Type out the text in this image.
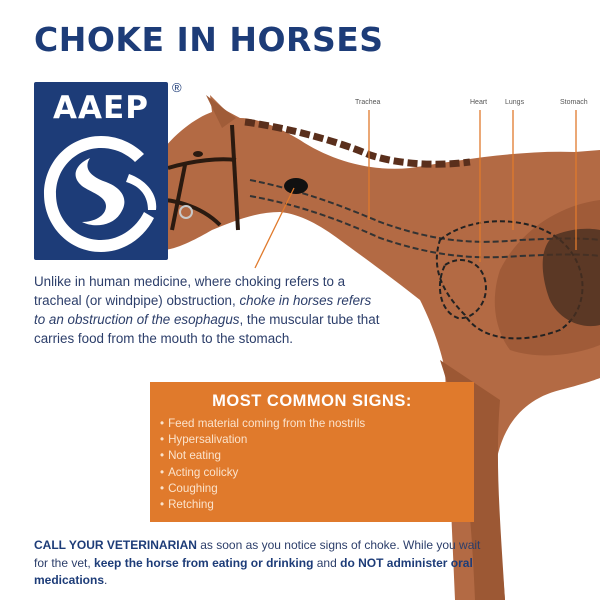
CHOKE IN HORSES
Trachea	Heart	Lungs	Stomach
AAEP
®

Unlike in human medicine, where choking refers to a tracheal (or windpipe) obstruction, choke in horses refers to an obstruction of the esophagus, the muscular tube that carries food from the mouth to the stomach.

MOST COMMON SIGNS:
• Feed material coming from the nostrils
• Hypersalivation
• Not eating
• Acting colicky
• Coughing
• Retching

CALL YOUR VETERINARIAN as soon as you notice signs of choke. While you wait for the vet, keep the horse from eating or drinking and do NOT administer oral medications.
